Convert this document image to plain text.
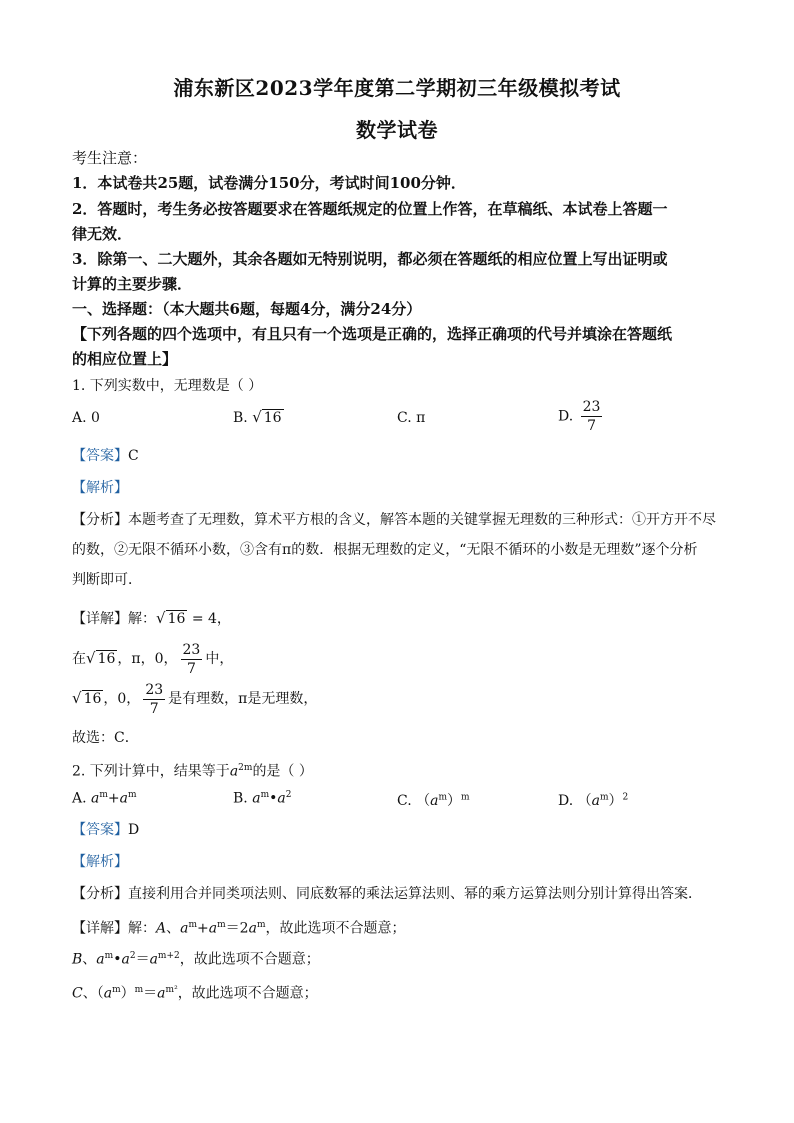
浦东新区2023学年度第二学期初三年级模拟考试
数学试卷
考生注意：
1．本试卷共25题，试卷满分150分，考试时间100分钟．
2．答题时，考生务必按答题要求在答题纸规定的位置上作答，在草稿纸、本试卷上答题一
律无效．
3．除第一、二大题外，其余各题如无特别说明，都必须在答题纸的相应位置上写出证明或
计算的主要步骤．
一、选择题：（本大题共6题，每题4分，满分24分）
【下列各题的四个选项中，有且只有一个选项是正确的，选择正确项的代号并填涂在答题纸
的相应位置上】
1. 下列实数中，无理数是（ ）
A. 0	B. √ 16	C. π	D. $\frac{23}{7}$
【答案】C
【解析】
【分析】本题考查了无理数，算术平方根的含义，解答本题的关键掌握无理数的三种形式：①开方开不尽
的数，②无限不循环小数，③含有π的数．根据无理数的定义，“无限不循环的小数是无理数”逐个分析
判断即可．
【详解】解：√ 16 = 4，
在√ 16 ，π，0， $\frac{23}{7}$ 中，
√ 16 ，0， $\frac{23}{7}$ 是有理数，π是无理数，
故选：C．
2. 下列计算中，结果等于$a^{2m}$的是（ ）
A. $a^m+a^m$	B. $a^m•a^2$	C. $(a^m)^m$	D. $(a^m)^2$
【答案】D
【解析】
【分析】直接利用合并同类项法则、同底数幂的乘法运算法则、幂的乘方运算法则分别计算得出答案．
【详解】解：A、$a^m+a^m=2a^m$，故此选项不合题意；
B、$a^m•a^2=a^{m+2}$，故此选项不合题意；
C、$(a^m)^m=a^{m^2}$，故此选项不合题意；
